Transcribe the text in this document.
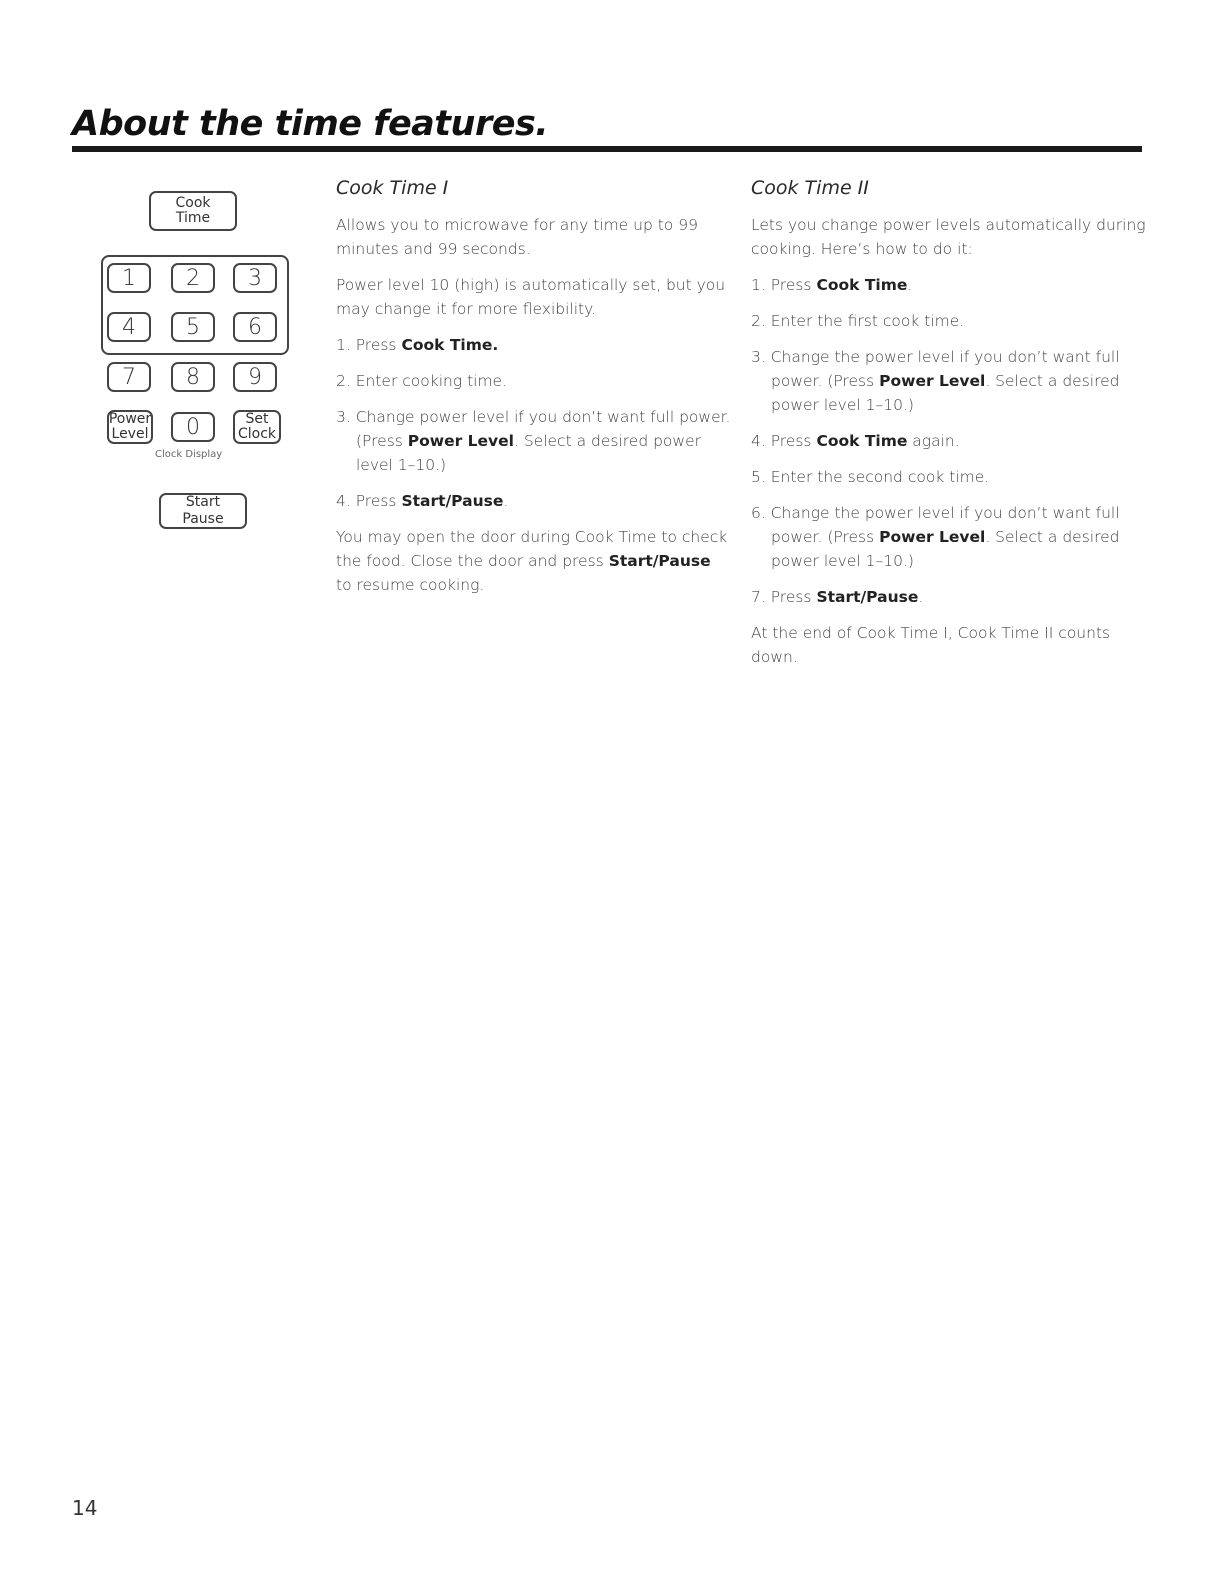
About the time features.
Cook
Time
1	2	3
4	5	6
7	8	9
Power
Level	0	Set
Clock
Clock Display
Start
Pause
Cook Time I

Allows you to microwave for any time up to 99 minutes and 99 seconds.

Power level 10 (high) is automatically set, but you may change it for more flexibility.

1. Press Cook Time.
2. Enter cooking time.
3. Change power level if you don’t want full power. (Press Power Level. Select a desired power level 1–10.)
4. Press Start/Pause.

You may open the door during Cook Time to check the food. Close the door and press Start/Pause to resume cooking.

Cook Time II

Lets you change power levels automatically during cooking. Here’s how to do it:

1. Press Cook Time.
2. Enter the first cook time.
3. Change the power level if you don’t want full power. (Press Power Level. Select a desired power level 1–10.)
4. Press Cook Time again.
5. Enter the second cook time.
6. Change the power level if you don’t want full power. (Press Power Level. Select a desired power level 1–10.)
7. Press Start/Pause.

At the end of Cook Time I, Cook Time II counts down.

14
